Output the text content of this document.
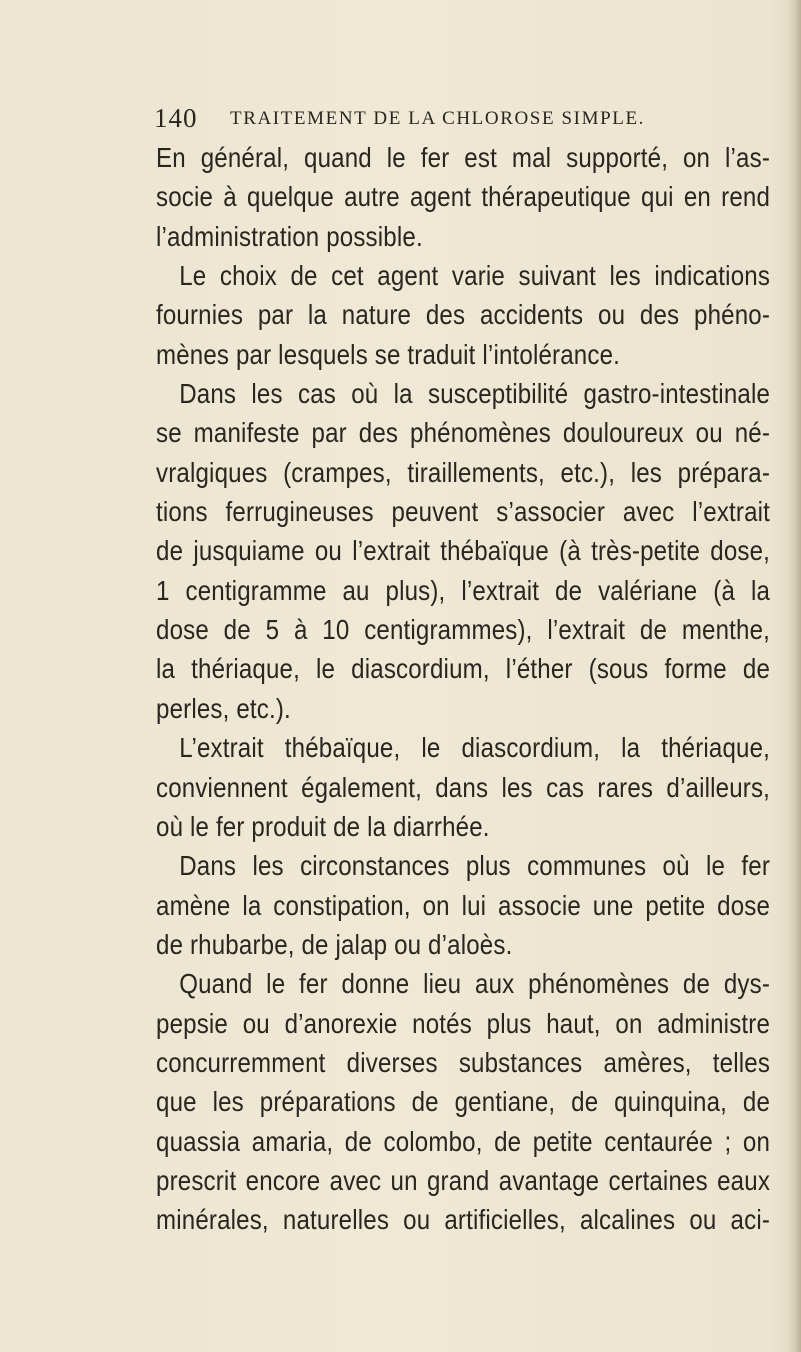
140 TRAITEMENT DE LA CHLOROSE SIMPLE.
En général, quand le fer est mal supporté, on l’as-
socie à quelque autre agent thérapeutique qui en rend
l’administration possible.
Le choix de cet agent varie suivant les indications
fournies par la nature des accidents ou des phéno-
mènes par lesquels se traduit l’intolérance.
Dans les cas où la susceptibilité gastro-intestinale
se manifeste par des phénomènes douloureux ou né-
vralgiques (crampes, tiraillements, etc.), les prépara-
tions ferrugineuses peuvent s’associer avec l’extrait
de jusquiame ou l’extrait thébaïque (à très-petite dose,
1 centigramme au plus), l’extrait de valériane (à la
dose de 5 à 10 centigrammes), l’extrait de menthe,
la thériaque, le diascordium, l’éther (sous forme de
perles, etc.).
L’extrait thébaïque, le diascordium, la thériaque,
conviennent également, dans les cas rares d’ailleurs,
où le fer produit de la diarrhée.
Dans les circonstances plus communes où le fer
amène la constipation, on lui associe une petite dose
de rhubarbe, de jalap ou d’aloès.
Quand le fer donne lieu aux phénomènes de dys-
pepsie ou d’anorexie notés plus haut, on administre
concurremment diverses substances amères, telles
que les préparations de gentiane, de quinquina, de
quassia amaria, de colombo, de petite centaurée ; on
prescrit encore avec un grand avantage certaines eaux
minérales, naturelles ou artificielles, alcalines ou aci-
